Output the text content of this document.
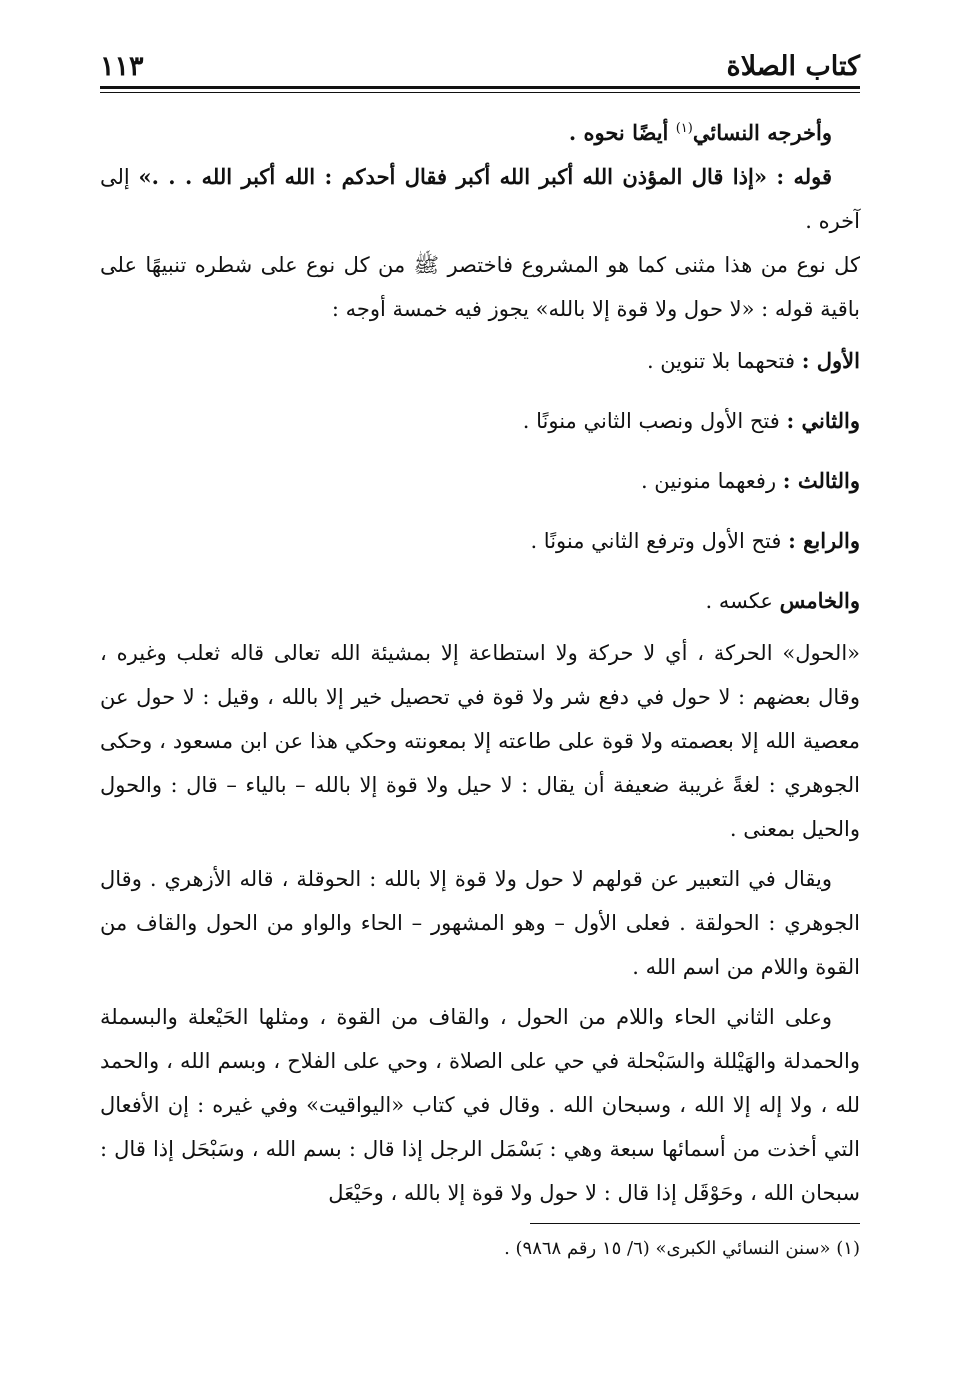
كتاب الصلاة
١١٣

وأخرجه النسائي$^{(١)}$ أيضًا نحوه .

قوله : «إذا قال المؤذن الله أكبر الله أكبر فقال أحدكم : الله أكبر الله . . .» إلى آخره .

كل نوع من هذا مثنى كما هو المشروع فاختصر ﷺ من كل نوع على شطره تنبيهًا على باقية قوله : «لا حول ولا قوة إلا بالله» يجوز فيه خمسة أوجه :

الأول : فتحهما بلا تنوين .

والثاني : فتح الأول ونصب الثاني منونًا .

والثالث : رفعهما منونين .

والرابع : فتح الأول وترفع الثاني منونًا .

والخامس عكسه .

«الحول» الحركة ، أي لا حركة ولا استطاعة إلا بمشيئة الله تعالى قاله ثعلب وغيره ، وقال بعضهم : لا حول في دفع شر ولا قوة في تحصيل خير إلا بالله ، وقيل : لا حول عن معصية الله إلا بعصمته ولا قوة على طاعته إلا بمعونته وحكي هذا عن ابن مسعود ، وحكى الجوهري : لغةً غريبة ضعيفة أن يقال : لا حيل ولا قوة إلا بالله – بالياء – قال : والحول والحيل بمعنى .

ويقال في التعبير عن قولهم لا حول ولا قوة إلا بالله : الحوقلة ، قاله الأزهري . وقال الجوهري : الحولقة . فعلى الأول – وهو المشهور – الحاء والواو من الحول والقاف من القوة واللام من اسم الله .

وعلى الثاني الحاء واللام من الحول ، والقاف من القوة ، ومثلها الحَيْعلة والبسملة والحمدلة والهَيْللة والسَبْحلة في حي على الصلاة ، وحي على الفلاح ، وبسم الله ، والحمد لله ، ولا إله إلا الله ، وسبحان الله . وقال في كتاب «اليواقيت» وفي غيره : إن الأفعال التي أخذت من أسمائها سبعة وهي : بَسْمَل الرجل إذا قال : بسم الله ، وسَبْحَل إذا قال : سبحان الله ، وحَوْقَل إذا قال : لا حول ولا قوة إلا بالله ، وحَيْعَل

(١) «سنن النسائي الكبرى» (٦/ ١٥ رقم ٩٨٦٨) .
